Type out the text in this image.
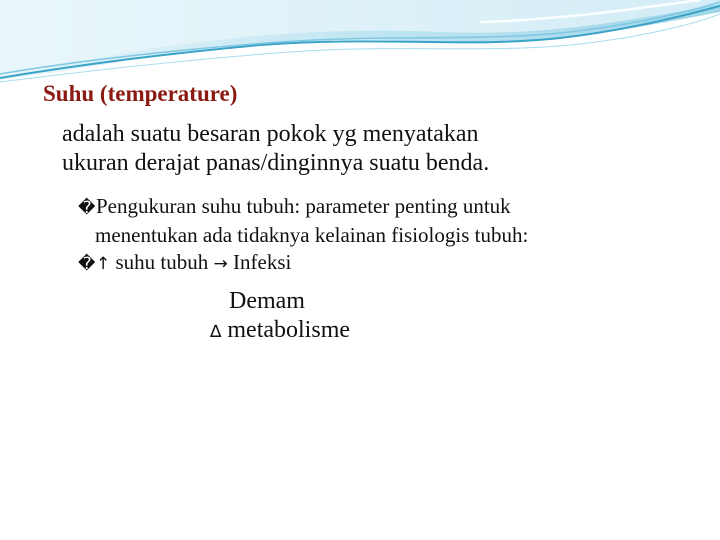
Suhu (temperature)
adalah suatu besaran pokok yg menyatakan
ukuran derajat panas/dinginnya suatu benda.
�Pengukuran suhu tubuh: parameter penting untuk
menentukan ada tidaknya kelainan fisiologis tubuh:
�↑ suhu tubuh → Infeksi
Demam
∆ metabolisme
